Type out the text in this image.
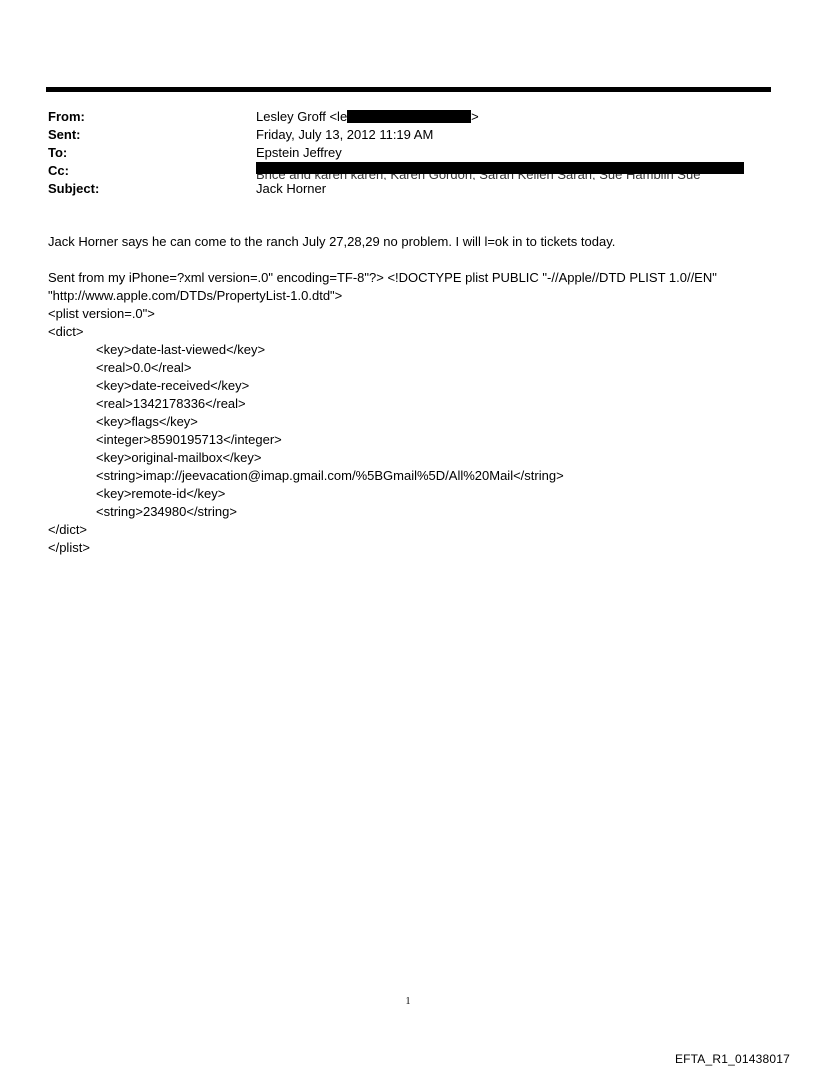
From:	Lesley Groff <le	>
Sent:	Friday, July 13, 2012 11:19 AM
To:	Epstein Jeffrey
Cc:
Subject:	Jack Horner

Jack Horner says he can come to the ranch July 27,28,29 no problem. I will l=ok in to tickets today.

Sent from my iPhone=?xml version=.0" encoding=TF-8"?> <!DOCTYPE plist PUBLIC "-//Apple//DTD PLIST 1.0//EN"

"http://www.apple.com/DTDs/PropertyList-1.0.dtd">

<plist version=.0">

<dict>

<key>date-last-viewed</key>

<real>0.0</real>

<key>date-received</key>

<real>1342178336</real>

<key>flags</key>

<integer>8590195713</integer>

<key>original-mailbox</key>

<string>imap://jeevacation@imap.gmail.com/%5BGmail%5D/All%20Mail</string>

<key>remote-id</key>

<string>234980</string>

</dict>

</plist>

1
EFTA_R1_01438017
